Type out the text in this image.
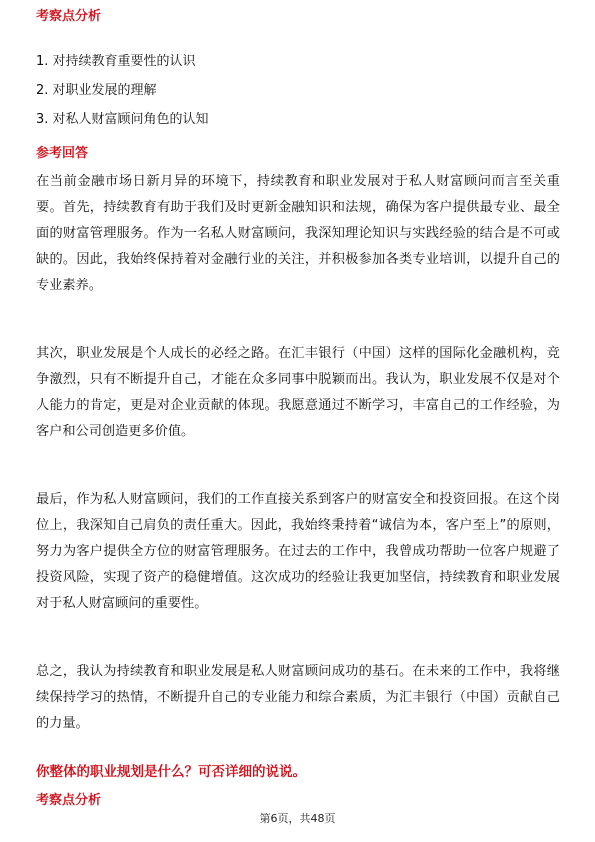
考察点分析

1. 对持续教育重要性的认识

2. 对职业发展的理解

3. 对私人财富顾问角色的认知

参考回答

在当前金融市场日新月异的环境下，持续教育和职业发展对于私人财富顾问而言至关重要。首先，持续教育有助于我们及时更新金融知识和法规，确保为客户提供最专业、最全面的财富管理服务。作为一名私人财富顾问，我深知理论知识与实践经验的结合是不可或缺的。因此，我始终保持着对金融行业的关注，并积极参加各类专业培训，以提升自己的专业素养。

其次，职业发展是个人成长的必经之路。在汇丰银行（中国）这样的国际化金融机构，竞争激烈，只有不断提升自己，才能在众多同事中脱颖而出。我认为，职业发展不仅是对个人能力的肯定，更是对企业贡献的体现。我愿意通过不断学习，丰富自己的工作经验，为客户和公司创造更多价值。

最后，作为私人财富顾问，我们的工作直接关系到客户的财富安全和投资回报。在这个岗位上，我深知自己肩负的责任重大。因此，我始终秉持着“诚信为本，客户至上”的原则，努力为客户提供全方位的财富管理服务。在过去的工作中，我曾成功帮助一位客户规避了投资风险，实现了资产的稳健增值。这次成功的经验让我更加坚信，持续教育和职业发展对于私人财富顾问的重要性。

总之，我认为持续教育和职业发展是私人财富顾问成功的基石。在未来的工作中，我将继续保持学习的热情，不断提升自己的专业能力和综合素质，为汇丰银行（中国）贡献自己的力量。

你整体的职业规划是什么？可否详细的说说。
考察点分析

第6页，共48页
